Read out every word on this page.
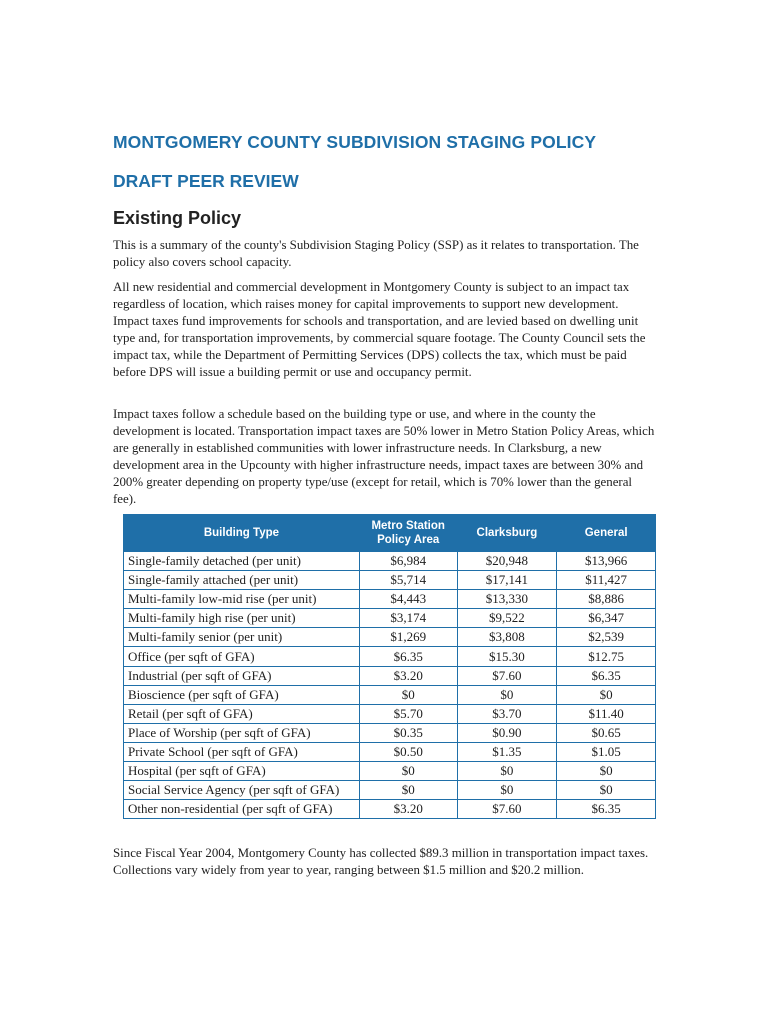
MONTGOMERY COUNTY SUBDIVISION STAGING POLICY
DRAFT PEER REVIEW
Existing Policy

This is a summary of the county's Subdivision Staging Policy (SSP) as it relates to transportation. The policy also covers school capacity.

All new residential and commercial development in Montgomery County is subject to an impact tax regardless of location, which raises money for capital improvements to support new development. Impact taxes fund improvements for schools and transportation, and are levied based on dwelling unit type and, for transportation improvements, by commercial square footage. The County Council sets the impact tax, while the Department of Permitting Services (DPS) collects the tax, which must be paid before DPS will issue a building permit or use and occupancy permit.

Impact taxes follow a schedule based on the building type or use, and where in the county the development is located. Transportation impact taxes are 50% lower in Metro Station Policy Areas, which are generally in established communities with lower infrastructure needs. In Clarksburg, a new development area in the Upcounty with higher infrastructure needs, impact taxes are between 30% and 200% greater depending on property type/use (except for retail, which is 70% lower than the general fee).

Building Type	Metro Station Policy Area	Clarksburg	General
Single-family detached (per unit)	$6,984	$20,948	$13,966
Single-family attached (per unit)	$5,714	$17,141	$11,427
Multi-family low-mid rise (per unit)	$4,443	$13,330	$8,886
Multi-family high rise (per unit)	$3,174	$9,522	$6,347
Multi-family senior (per unit)	$1,269	$3,808	$2,539
Office (per sqft of GFA)	$6.35	$15.30	$12.75
Industrial (per sqft of GFA)	$3.20	$7.60	$6.35
Bioscience (per sqft of GFA)	$0	$0	$0
Retail (per sqft of GFA)	$5.70	$3.70	$11.40
Place of Worship (per sqft of GFA)	$0.35	$0.90	$0.65
Private School (per sqft of GFA)	$0.50	$1.35	$1.05
Hospital (per sqft of GFA)	$0	$0	$0
Social Service Agency (per sqft of GFA)	$0	$0	$0
Other non-residential (per sqft of GFA)	$3.20	$7.60	$6.35

Since Fiscal Year 2004, Montgomery County has collected $89.3 million in transportation impact taxes. Collections vary widely from year to year, ranging between $1.5 million and $20.2 million.
